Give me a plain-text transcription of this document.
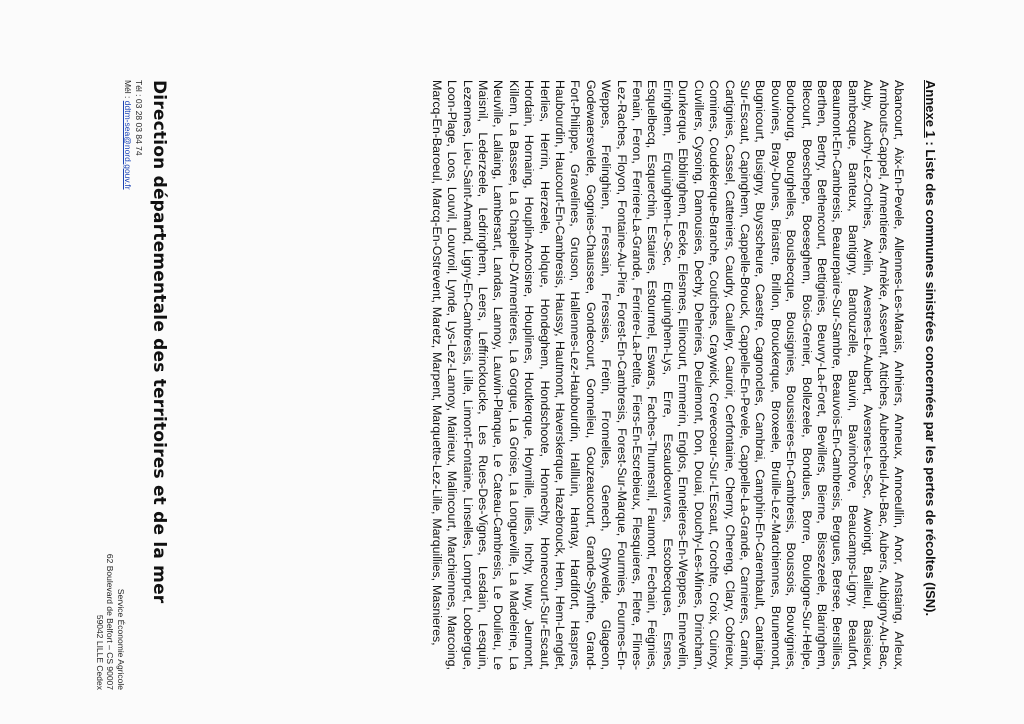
Annexe 1 : Liste des communes sinistrées concernées par les pertes de récoltes (ISN).
Abancourt, Aix-En-Pevele, Allennes-Les-Marais, Anhiers, Anneux, Annoeullin, Anor, Anstaing, Arleux, Armbouts-Cappel, Armentieres, Arnèke, Assevent, Attiches, Aubencheul-Au-Bac, Aubers, Aubigny-Au-Bac, Auby, Auchy-Lez-Orchies, Avelin, Avesnes-Le-Aubert, Avesnes-Le-Sec, Awoingt, Bailleul, Baisieux, Bambecque, Banteux, Bantigny, Bantouzelle, Bauvin, Bavinchove, Beaucamps-Ligny, Beaufort, Beaumont-En-Cambresis, Beaurepaire-Sur-Sambre, Beauvois-En-Cambresis, Bergues, Bersee, Bersillies, Berthen, Bertry, Bethencourt, Bettignies, Beuvry-La-Foret, Bevillers, Bierne, Bissezeele, Blaringhem, Blecourt, Boeschepe, Boeseghem, Bois-Grenier, Bollezeele, Bondues, Borre, Boulogne-Sur-Helpe, Bourbourg, Bourghelles, Bousbecque, Bousignies, Boussieres-En-Cambresis, Boussois, Bouvignies, Bouvines, Bray-Dunes, Briastre, Brillon, Brouckerque, Broxeele, Bruille-Lez-Marchiennes, Brunemont, Bugnicourt, Busigny, Buysscheure, Caestre, Cagnoncles, Cambrai, Camphin-En-Carembault, Cantaing-Sur-Escaut, Capinghem, Cappelle-Brouck, Cappelle-En-Pevele, Cappelle-La-Grande, Carnieres, Carnin, Cartignies, Cassel, Catteniers, Caudry, Caullery, Cauroir, Cerfontaine, Cherny, Chereng, Clary, Cobrieux, Comines, Coudekerque-Branche, Coutiches, Craywick, Crevecoeur-Sur-L'Escaut, Crochte, Croix, Cuincy, Cuvillers, Cysoing, Damousies, Dechy, Deheries, Deulemont, Don, Douai, Douchy-Les-Mines, Drincham, Dunkerque, Ebblinghem, Eecke, Elesmes, Elincourt, Emmerin, Englos, Ennetieres-En-Weppes, Ennevelin, Eringhem, Erquinghem-Le-Sec, Erquinghem-Lys, Erre, Escaudoeuvres, Escobecques, Esnes, Esquelbecq, Esquerchin, Estaires, Estourmel, Eswars, Faches-Thumesnil, Faumont, Fechain, Feignies, Fenain, Feron, Ferriere-La-Grande, Ferriere-La-Petite, Fiers-En-Escrebieux, Flesquieres, Fletre, Flines-Lez-Raches, Floyon, Fontaine-Au-Pire, Forest-En-Cambresis, Forest-Sur-Marque, Fourmies, Fournes-En-Weppes, Frelinghien, Fressain, Fressies, Fretin, Fromelles, Genech, Ghyvelde, Glageon, Godewaersvelde, Gognies-Chaussee, Gondecourt, Gonnelieu, Gouzeaucourt, Grande-Synthe, Grand-Fort-Philippe, Gravelines, Gruson, Hallennes-Lez-Haubourdin, Hallluin, Hantay, Hardifort, Haspres, Haubourdin, Haucourt-En-Cambresis, Haussy, Hautmont, Haverskerque, Hazebrouck, Hem, Hem-Lenglet, Herlies, Herrin, Herzeele, Holque, Hondeghem, Hondschoote, Honnechy, Honnecourt-Sur-Escaut, Hordain, Hornaing, Houplin-Ancoisne, Houplines, Houtkerque, Hoymille, Illies, Inchy, Iwuy, Jeumont, Killem, La Bassee, La Chapelle-D'Armentieres, La Gorgue, La Groise, La Longueville, La Madeleine, La Neuville, Lallaing, Lambersart, Landas, Lannoy, Lauwin-Planque, Le Cateau-Cambresis, Le Doulieu, Le Maisnil, Lederzeele, Ledringhem, Leers, Leffrinckoucke, Les Rues-Des-Vignes, Lesdain, Lesquin, Lezennes, Lieu-Saint-Amand, Ligny-En-Cambresis, Lille, Limont-Fontaine, Linselles, Lompret, Loobergue, Loon-Plage, Loos, Louvil, Louvroil, Lynde, Lys-Lez-Lannoy, Mairieux, Malincourt, Marchiennes, Marcoing, Marcq-En-Baroeul, Marcq-En-Ostrevent, Maretz, Marpent, Marquette-Lez-Lille, Marquillies, Masnieres,
Direction départementale des territoires et de la mer
Tél : 03 28 03 84 74
Mél : ddtm-sea@nord.gouv.fr
Service Économie Agricole
62 Boulevard de Belfort – CS 90007
59042 LILLE Cedex
